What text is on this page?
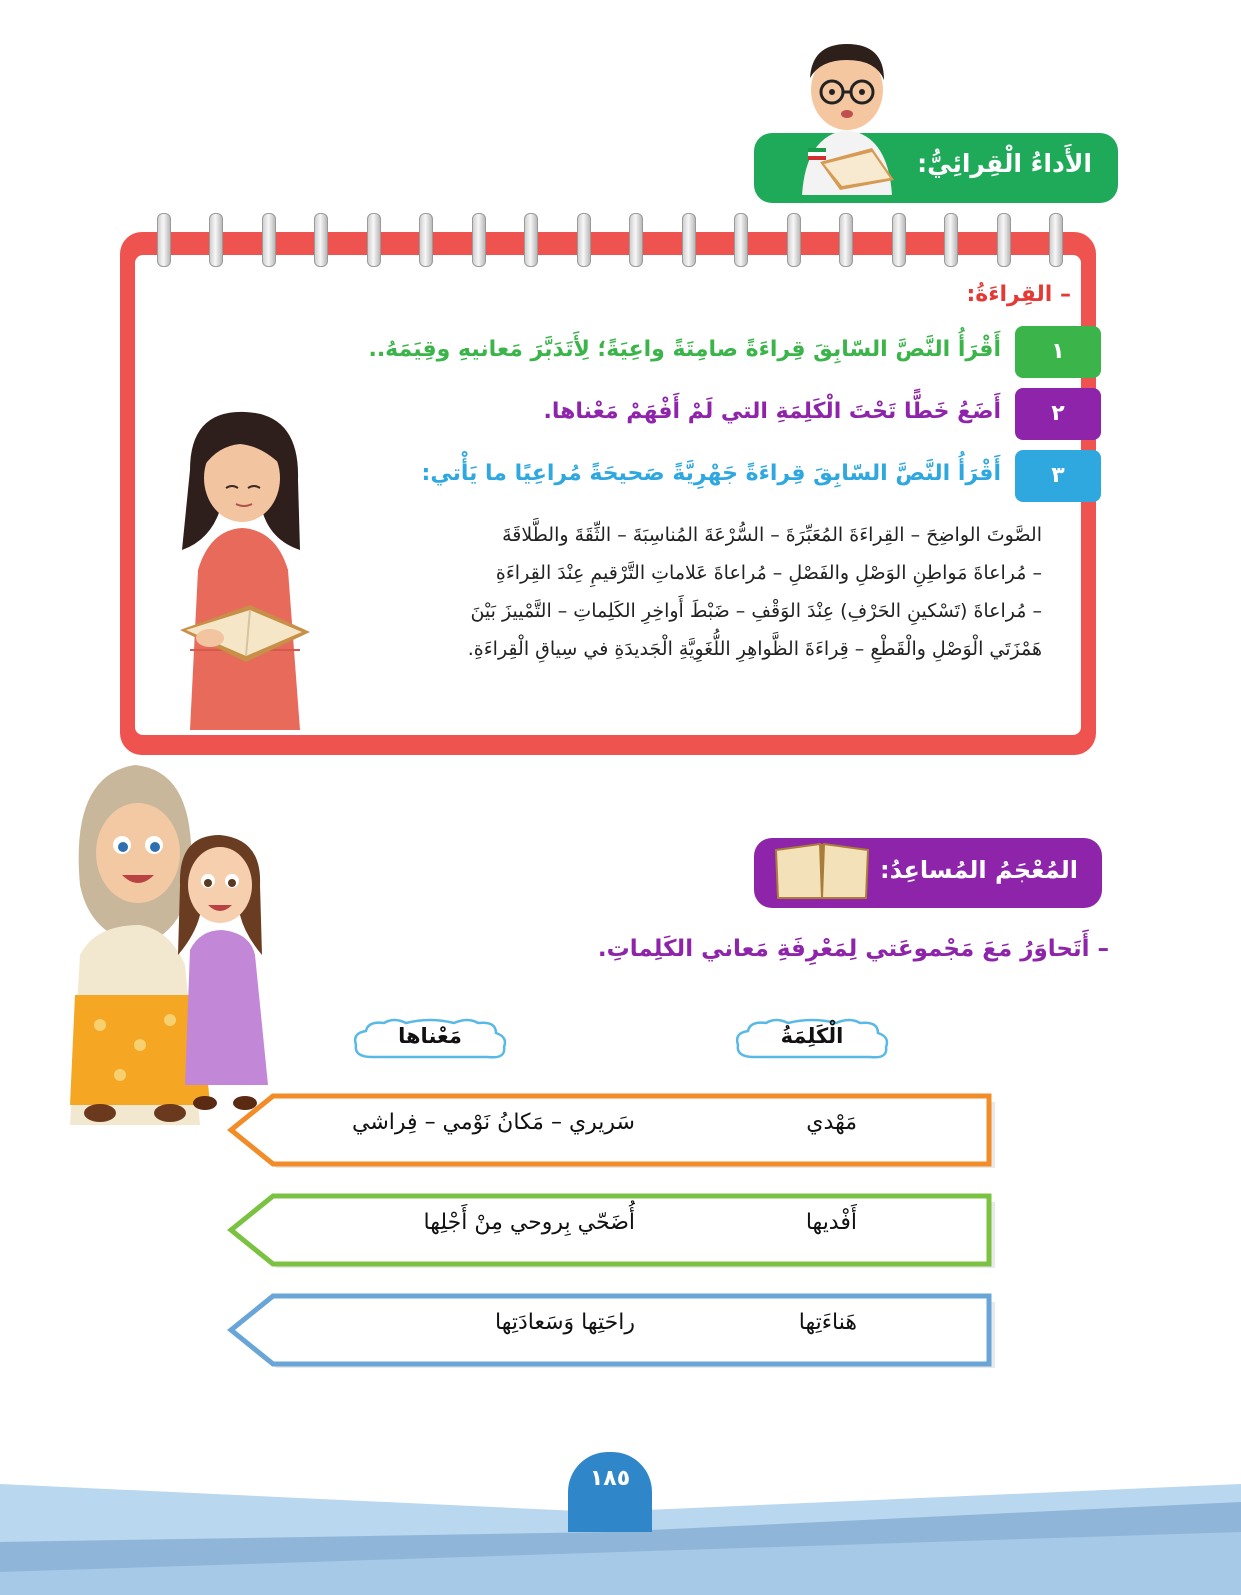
الأَداءُ الْقِرائِيُّ:
– القِراءَةُ:
١
أَقْرَأُ النَّصَّ السّابِقَ قِراءَةً صامِتَةً واعِيَةً؛ لِأَتَدَبَّرَ مَعانيهِ وقِيَمَهُ..
٢
أَضَعُ خَطًّا تَحْتَ الْكَلِمَةِ التي لَمْ أَفْهَمْ مَعْناها.
٣
أَقْرَأُ النَّصَّ السّابِقَ قِراءَةً جَهْرِيَّةً صَحيحَةً مُراعِيًا ما يَأْتي:
الصَّوتَ الواضِحَ – القِراءَةَ المُعَبِّرَةَ – السُّرْعَةَ المُناسِبَةَ – الثِّقَةَ والطَّلاقَةَ
– مُراعاةَ مَواطِنِ الوَصْلِ والفَصْلِ – مُراعاةَ عَلاماتِ التَّرْقيمِ عِنْدَ القِراءَةِ
– مُراعاةَ (تَسْكينِ الحَرْفِ) عِنْدَ الوَقْفِ – ضَبْطَ أَواخِرِ الكَلِماتِ – التَّمْييزَ بَيْنَ
هَمْزَتَي الْوَصْلِ والْقَطْعِ – قِراءَةَ الظَّواهِرِ اللُّغَوِيَّةِ الْجَديدَةِ في سِياقِ الْقِراءَةِ.
المُعْجَمُ المُساعِدُ:
– أَتَحاوَرُ مَعَ مَجْموعَتي لِمَعْرِفَةِ مَعاني الكَلِماتِ.
الْكَلِمَةُ
مَعْناها
مَهْدي
سَريري – مَكانُ نَوْمي – فِراشي
أَفْديها
أُضَحّي بِروحي مِنْ أَجْلِها
هَناءَتِها
راحَتِها وَسَعادَتِها
١٨٥
